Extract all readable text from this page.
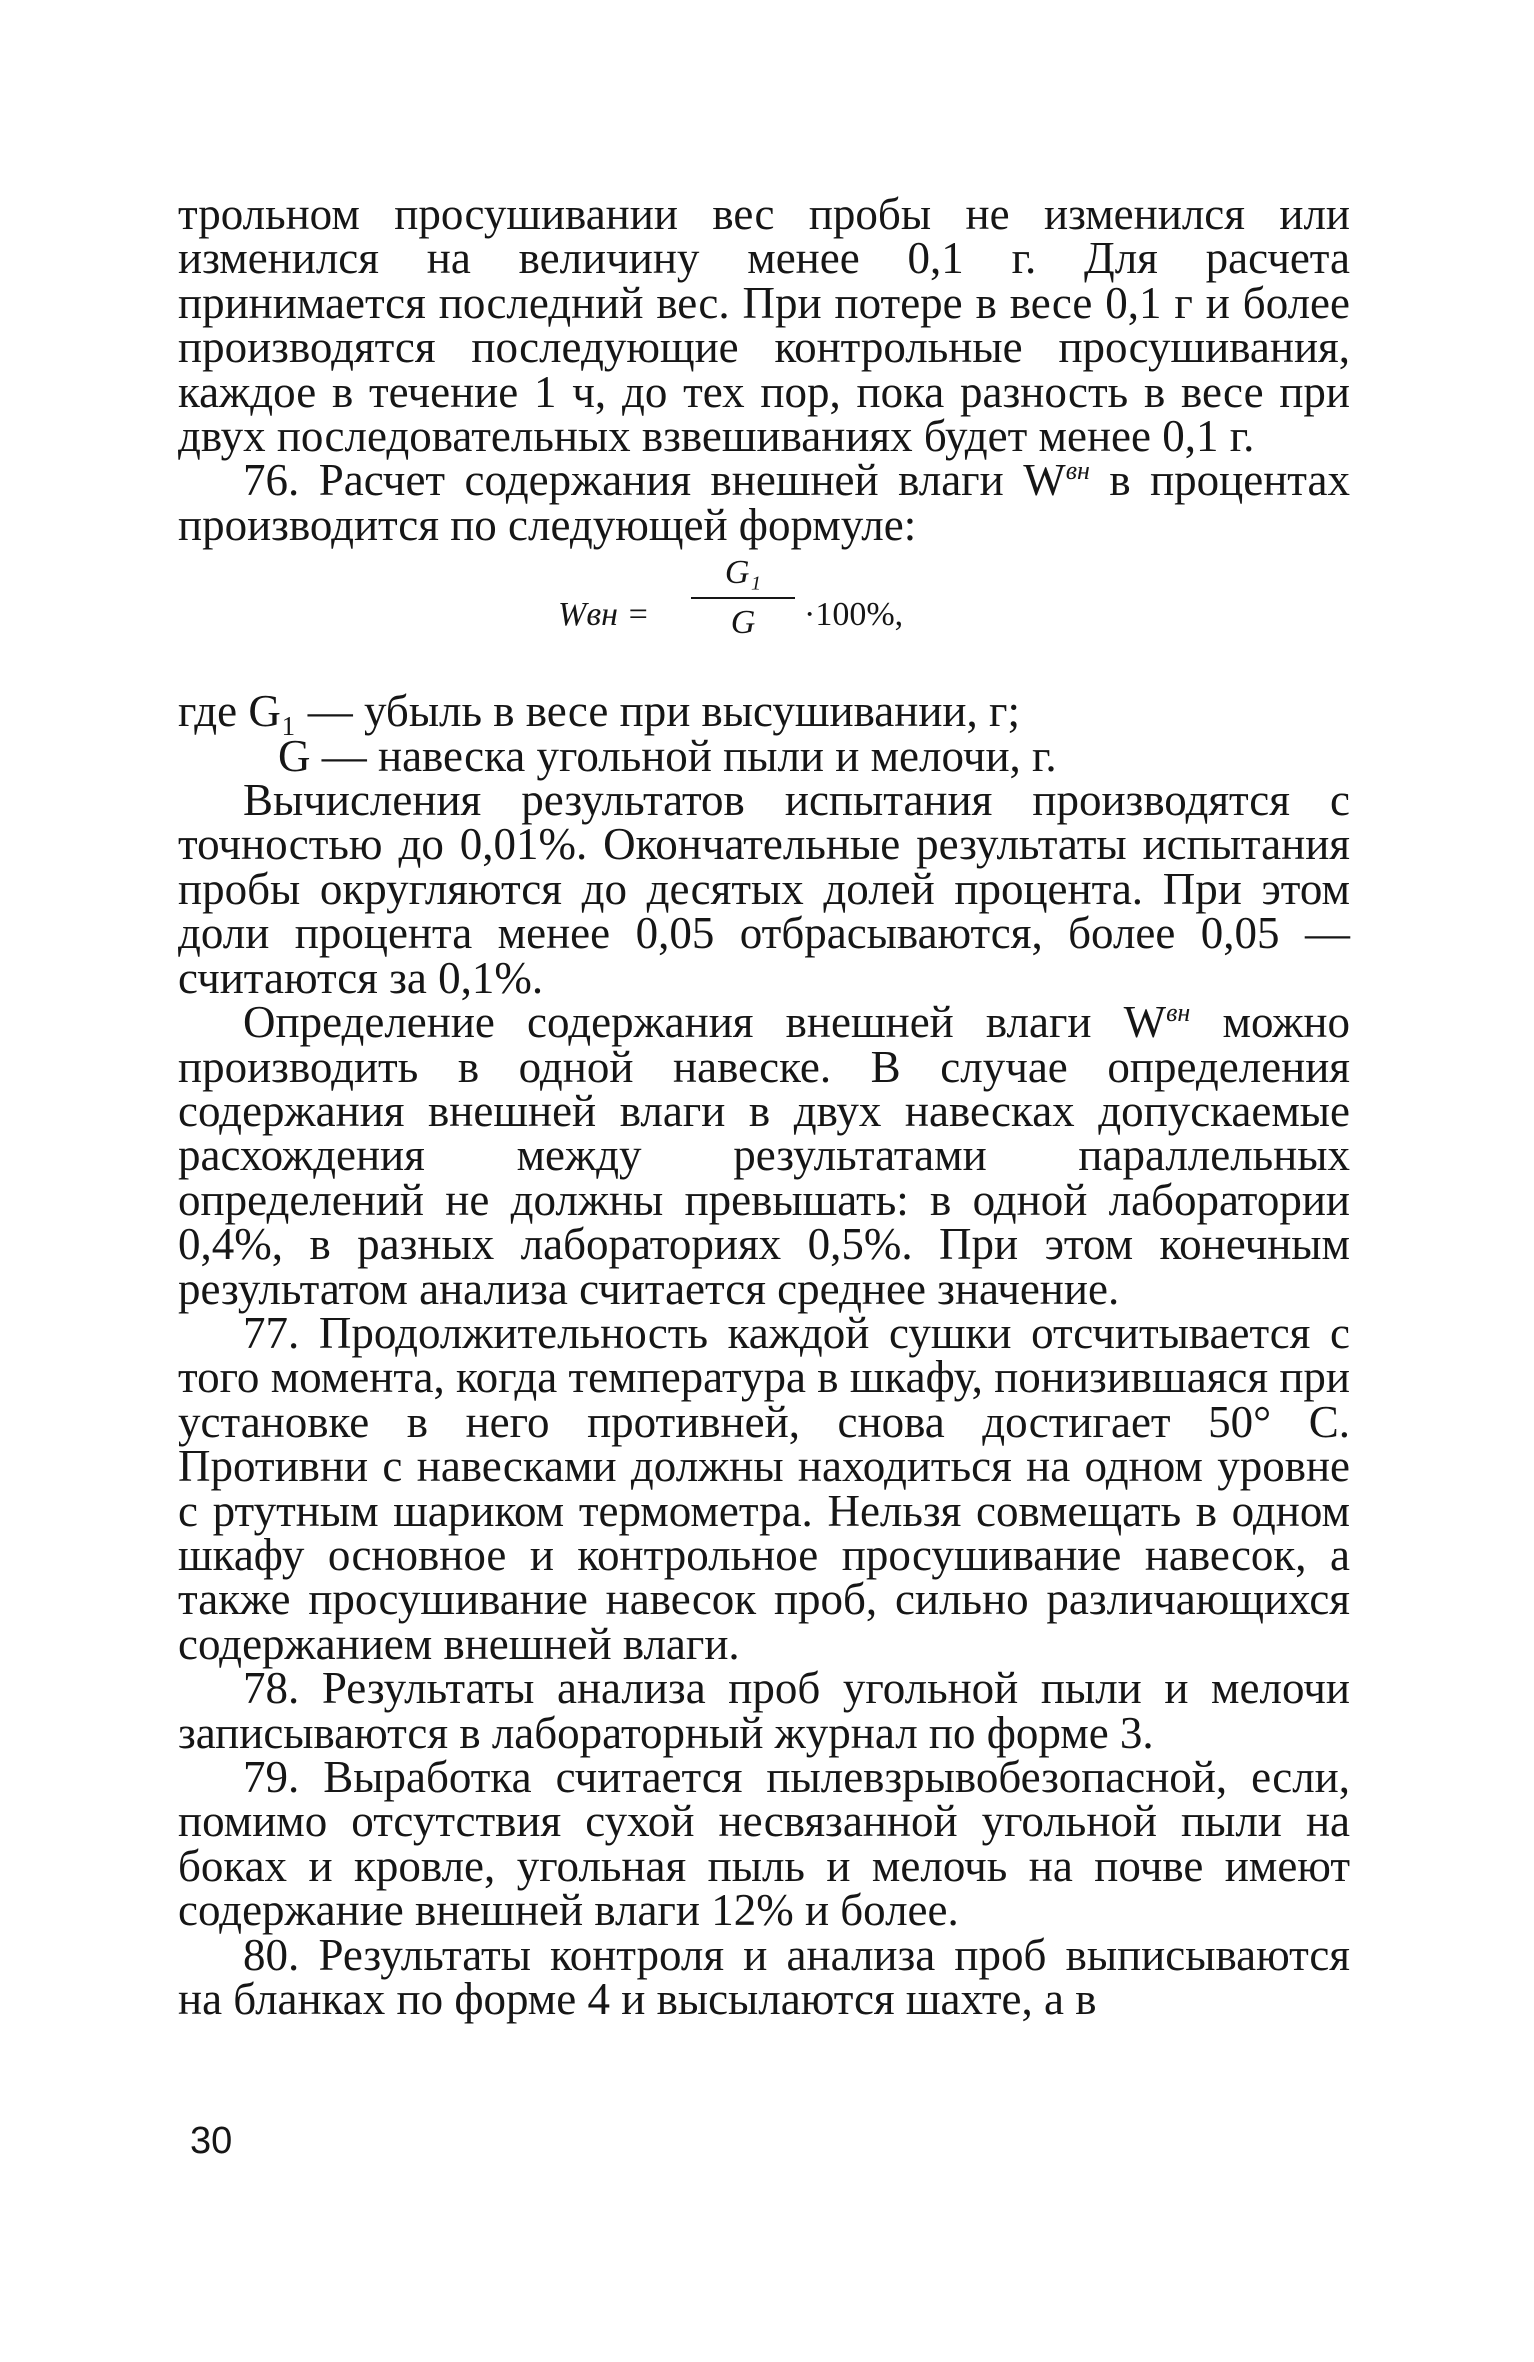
трольном просушивании вес пробы не изменился или изменился на величину менее 0,1 г. Для расчета принимается последний вес. При потере в весе 0,1 г и более производятся последующие контрольные просушивания, каждое в течение 1 ч, до тех пор, пока разность в весе при двух последовательных взвешиваниях будет менее 0,1 г.

76. Расчет содержания внешней влаги $W^{вн}$ в процентах производится по следующей формуле:

Wвн =
G₁
G	·100%,

где G₁ — убыль в весе при высушивании, г;

G — навеска угольной пыли и мелочи, г.

Вычисления результатов испытания производятся с точностью до 0,01%. Окончательные результаты испытания пробы округляются до десятых долей процента. При этом доли процента менее 0,05 отбрасываются, более 0,05 — считаются за 0,1%.

Определение содержания внешней влаги $W^{вн}$ можно производить в одной навеске. В случае определения содержания внешней влаги в двух навесках допускаемые расхождения между результатами параллельных определений не должны превышать: в одной лаборатории 0,4%, в разных лабораториях 0,5%. При этом конечным результатом анализа считается среднее значение.

77. Продолжительность каждой сушки отсчитывается с того момента, когда температура в шкафу, понизившаяся при установке в него противней, снова достигает 50° С. Противни с навесками должны находиться на одном уровне с ртутным шариком термометра. Нельзя совмещать в одном шкафу основное и контрольное просушивание навесок, а также просушивание навесок проб, сильно различающихся содержанием внешней влаги.

78. Результаты анализа проб угольной пыли и мелочи записываются в лабораторный журнал по форме 3.

79. Выработка считается пылевзрывобезопасной, если, помимо отсутствия сухой несвязанной угольной пыли на боках и кровле, угольная пыль и мелочь на почве имеют содержание внешней влаги 12% и более.

80. Результаты контроля и анализа проб выписываются на бланках по форме 4 и высылаются шахте, а в

30
